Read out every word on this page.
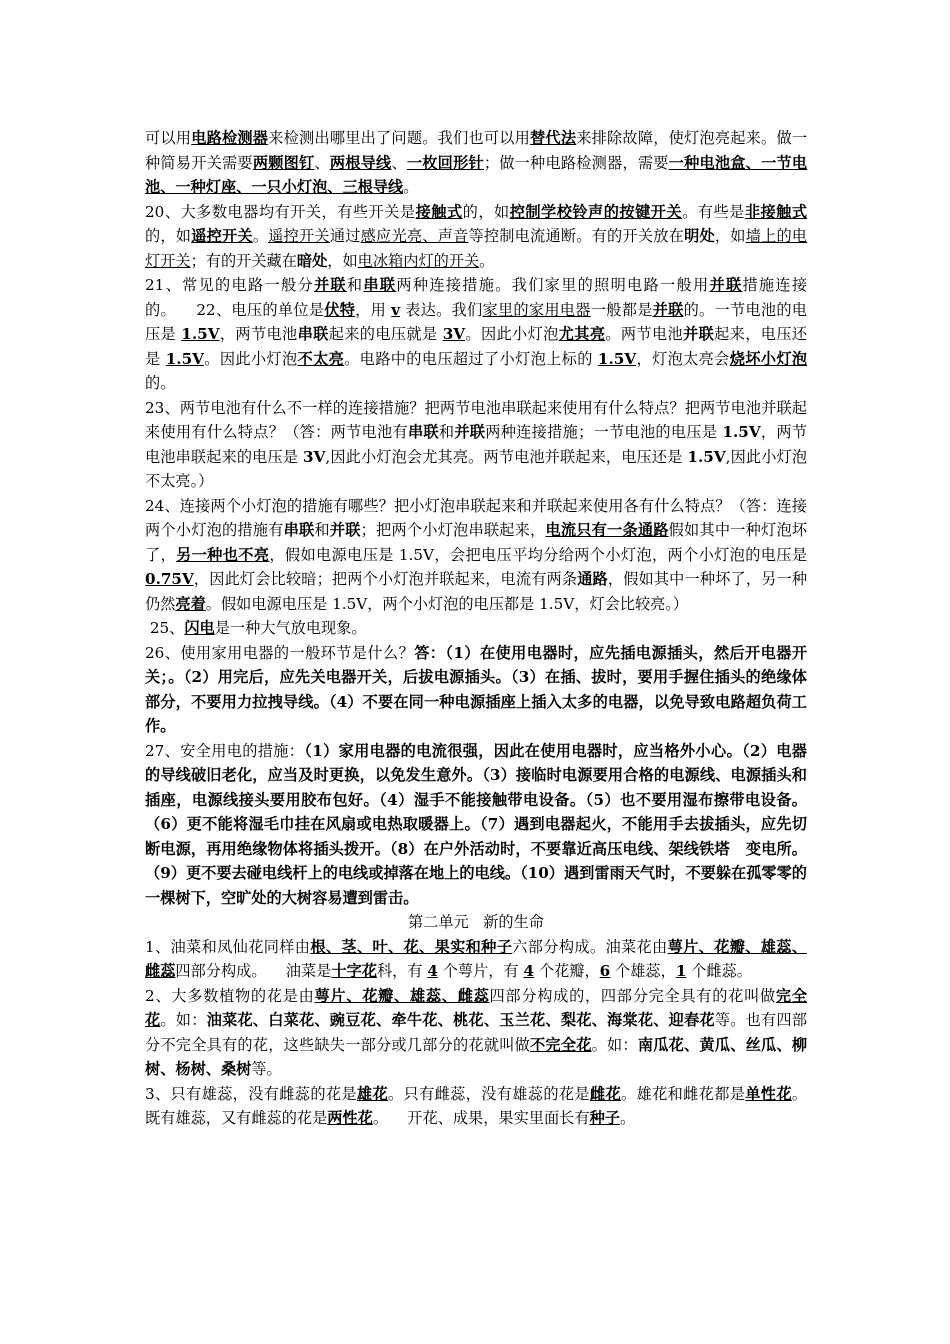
可以用电路检测器来检测出哪里出了问题。我们也可以用替代法来排除故障，使灯泡亮起来。做一种简易开关需要两颗图钉、两根导线、一枚回形针；做一种电路检测器，需要一种电池盒、一节电池、一种灯座、一只小灯泡、三根导线。

20、大多数电器均有开关，有些开关是接触式的，如控制学校铃声的按键开关。有些是非接触式的，如遥控开关。遥控开关通过感应光亮、声音等控制电流通断。有的开关放在明处，如墙上的电灯开关；有的开关藏在暗处，如电冰箱内灯的开关。

21、常见的电路一般分并联和串联两种连接措施。我们家里的照明电路一般用并联措施连接的。    22、电压的单位是伏特，用 v 表达。我们家里的家用电器一般都是并联的。一节电池的电压是 1.5V，两节电池串联起来的电压就是 3V。因此小灯泡尤其亮。两节电池并联起来，电压还是 1.5V。因此小灯泡不太亮。电路中的电压超过了小灯泡上标的 1.5V，灯泡太亮会烧坏小灯泡的。

23、两节电池有什么不一样的连接措施？把两节电池串联起来使用有什么特点？把两节电池并联起来使用有什么特点？（答：两节电池有串联和并联两种连接措施；一节电池的电压是 1.5V，两节电池串联起来的电压是 3V,因此小灯泡会尤其亮。两节电池并联起来，电压还是 1.5V,因此小灯泡不太亮。）

24、连接两个小灯泡的措施有哪些？把小灯泡串联起来和并联起来使用各有什么特点？（答：连接两个小灯泡的措施有串联和并联；把两个小灯泡串联起来，电流只有一条通路假如其中一种灯泡坏了，另一种也不亮，假如电源电压是 1.5V，会把电压平均分给两个小灯泡，两个小灯泡的电压是 0.75V，因此灯会比较暗；把两个小灯泡并联起来，电流有两条通路，假如其中一种坏了，另一种仍然亮着。假如电源电压是 1.5V，两个小灯泡的电压都是 1.5V，灯会比较亮。）

25、闪电是一种大气放电现象。

26、使用家用电器的一般环节是什么？答：（1）在使用电器时，应先插电源插头，然后开电器开关；。（2）用完后，应先关电器开关，后拔电源插头。（3）在插、拔时，要用手握住插头的绝缘体部分，不要用力拉拽导线。（4）不要在同一种电源插座上插入太多的电器，以免导致电路超负荷工作。

27、安全用电的措施：（1）家用电器的电流很强，因此在使用电器时，应当格外小心。（2）电器的导线破旧老化，应当及时更换，以免发生意外。（3）接临时电源要用合格的电源线、电源插头和插座，电源线接头要用胶布包好。（4）湿手不能接触带电设备。（5）也不要用湿布擦带电设备。（6）更不能将湿毛巾挂在风扇或电热取暖器上。（7）遇到电器起火，不能用手去拔插头，应先切断电源，再用绝缘物体将插头拨开。（8）在户外活动时，不要靠近高压电线、架线铁塔   变电所。（9）更不要去碰电线杆上的电线或掉落在地上的电线。（10）遇到雷雨天气时，不要躲在孤零零的一棵树下，空旷处的大树容易遭到雷击。

第二单元   新的生命

1、油菜和凤仙花同样由根、茎、叶、花、果实和种子六部分构成。油菜花由萼片、花瓣、雄蕊、雌蕊四部分构成。    油菜是十字花科，有 4 个萼片，有 4 个花瓣，6 个雄蕊，1 个雌蕊。

2、大多数植物的花是由萼片、花瓣、雄蕊、雌蕊四部分构成的，四部分完全具有的花叫做完全花。如：油菜花、白菜花、豌豆花、牵牛花、桃花、玉兰花、梨花、海棠花、迎春花等。也有四部分不完全具有的花，这些缺失一部分或几部分的花就叫做不完全花。如：南瓜花、黄瓜、丝瓜、柳树、杨树、桑树等。

3、只有雄蕊，没有雌蕊的花是雄花。只有雌蕊，没有雄蕊的花是雌花。雄花和雌花都是单性花。既有雄蕊，又有雌蕊的花是两性花。    开花、成果，果实里面长有种子。
